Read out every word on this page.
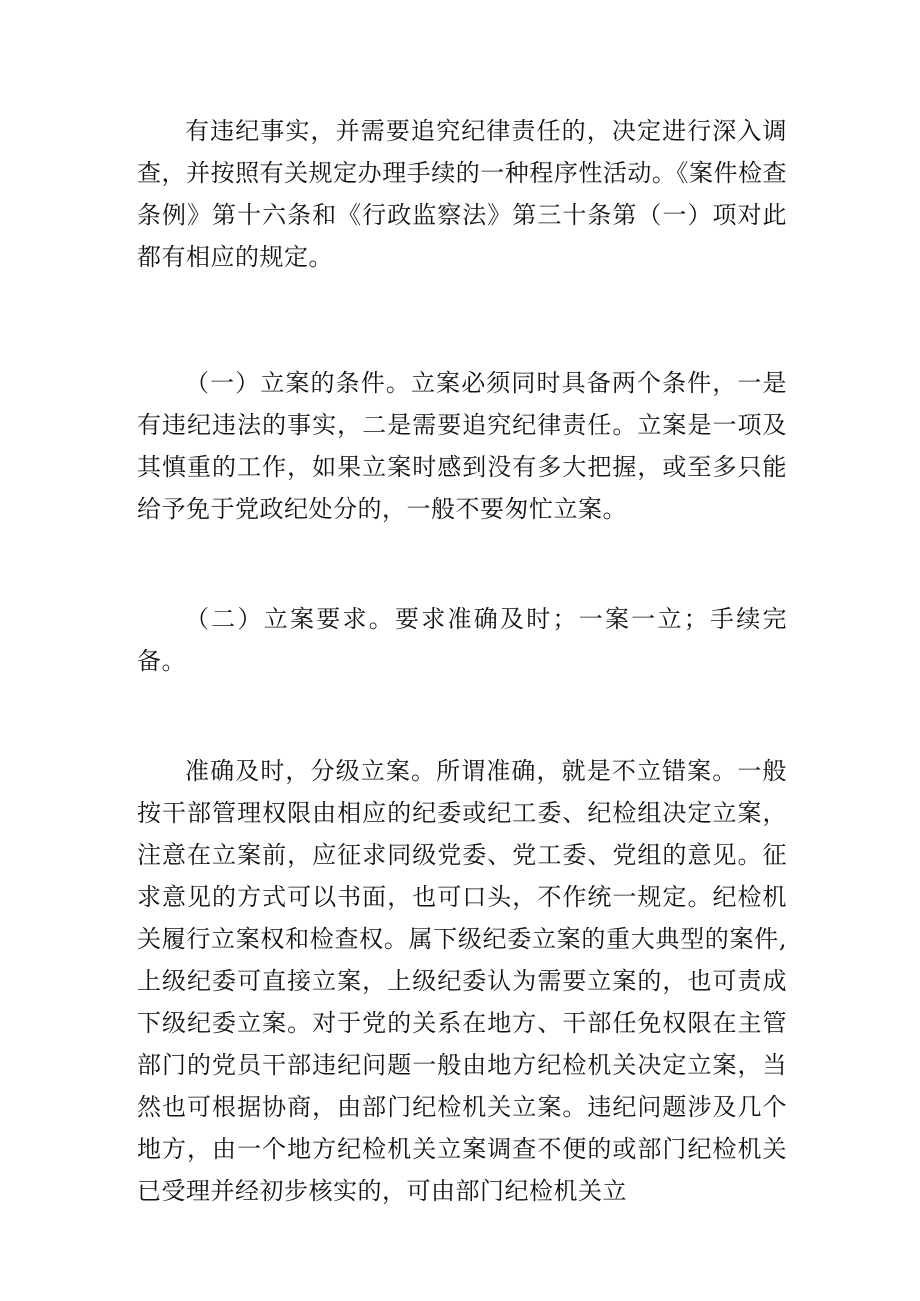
有违纪事实，并需要追究纪律责任的，决定进行深入调查，并按照有关规定办理手续的一种程序性活动。《案件检查条例》第十六条和《行政监察法》第三十条第（一）项对此都有相应的规定。

（一）立案的条件。立案必须同时具备两个条件，一是有违纪违法的事实，二是需要追究纪律责任。立案是一项及其慎重的工作，如果立案时感到没有多大把握，或至多只能给予免于党政纪处分的，一般不要匆忙立案。

（二）立案要求。要求准确及时；一案一立；手续完备。

准确及时，分级立案。所谓准确，就是不立错案。一般按干部管理权限由相应的纪委或纪工委、纪检组决定立案，注意在立案前，应征求同级党委、党工委、党组的意见。征求意见的方式可以书面，也可口头，不作统一规定。纪检机关履行立案权和检查权。属下级纪委立案的重大典型的案件,上级纪委可直接立案，上级纪委认为需要立案的，也可责成下级纪委立案。对于党的关系在地方、干部任免权限在主管部门的党员干部违纪问题一般由地方纪检机关决定立案，当然也可根据协商，由部门纪检机关立案。违纪问题涉及几个地方，由一个地方纪检机关立案调查不便的或部门纪检机关已受理并经初步核实的，可由部门纪检机关立
